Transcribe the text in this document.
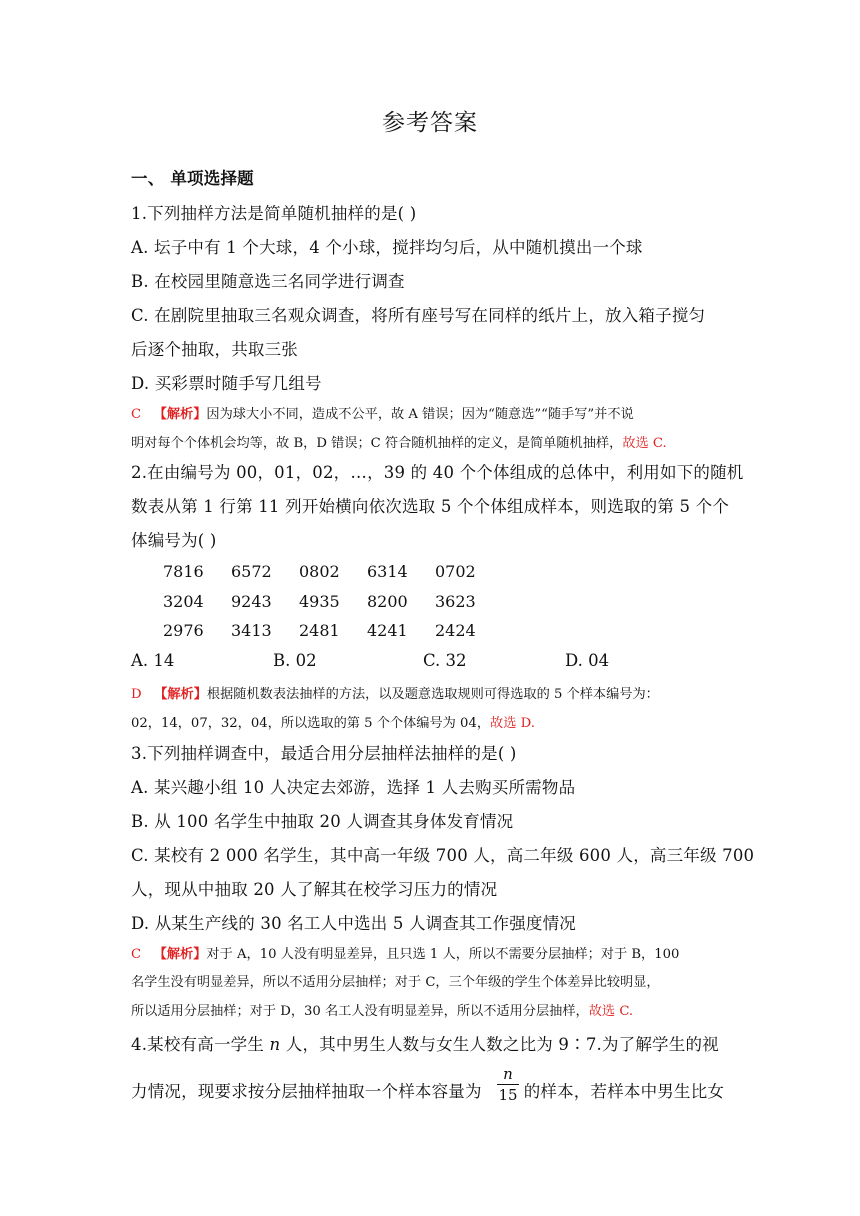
参考答案
一、 单项选择题
1.下列抽样方法是简单随机抽样的是( )
A. 坛子中有 1 个大球，4 个小球，搅拌均匀后，从中随机摸出一个球
B. 在校园里随意选三名同学进行调查
C. 在剧院里抽取三名观众调查，将所有座号写在同样的纸片上，放入箱子搅匀
后逐个抽取，共取三张
D. 买彩票时随手写几组号
C 【解析】因为球大小不同，造成不公平，故 A 错误；因为“随意选”“随手写”并不说
明对每个个体机会均等，故 B，D 错误；C 符合随机抽样的定义，是简单随机抽样，故选 C.
2.在由编号为 00，01，02，…，39 的 40 个个体组成的总体中，利用如下的随机
数表从第 1 行第 11 列开始横向依次选取 5 个个体组成样本，则选取的第 5 个个
体编号为( )
7816 6572 0802 6314 0702
3204 9243 4935 8200 3623
2976 3413 2481 4241 2424
A. 14	B. 02	C. 32	D. 04
D 【解析】根据随机数表法抽样的方法，以及题意选取规则可得选取的 5 个样本编号为：
02，14，07，32，04，所以选取的第 5 个个体编号为 04，故选 D.
3.下列抽样调查中，最适合用分层抽样法抽样的是( )
A. 某兴趣小组 10 人决定去郊游，选择 1 人去购买所需物品
B. 从 100 名学生中抽取 20 人调查其身体发育情况
C. 某校有 2 000 名学生，其中高一年级 700 人，高二年级 600 人，高三年级 700
人，现从中抽取 20 人了解其在校学习压力的情况
D. 从某生产线的 30 名工人中选出 5 人调查其工作强度情况
C 【解析】对于 A，10 人没有明显差异，且只选 1 人，所以不需要分层抽样；对于 B，100
名学生没有明显差异，所以不适用分层抽样；对于 C，三个年级的学生个体差异比较明显，
所以适用分层抽样；对于 D，30 名工人没有明显差异，所以不适用分层抽样，故选 C.
4.某校有高一学生 n 人，其中男生人数与女生人数之比为 9∶7.为了解学生的视
力情况，现要求按分层抽样抽取一个样本容量为	的样本，若样本中男生比女
n
15
